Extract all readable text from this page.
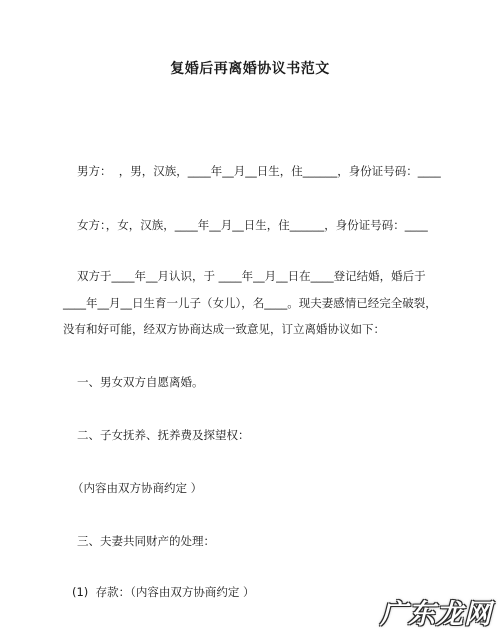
复婚后再离婚协议书范文
男方：  ，男，汉族，____年__月__日生，住______，身份证号码：____
女方：，女，汉族，____年__月__日生，住______，身份证号码：____
双方于____年__月认识，于 ____年__月__日在____登记结婚，婚后于
____年__月__日生育一儿子（女儿），名____。现夫妻感情已经完全破裂，
没有和好可能，经双方协商达成一致意见，订立离婚协议如下：
一、男女双方自愿离婚。
二、子女抚养、抚养费及探望权：
（内容由双方协商约定 ）
三、夫妻共同财产的处理：
(1)  存款：（内容由双方协商约定 ）
广东龙网
